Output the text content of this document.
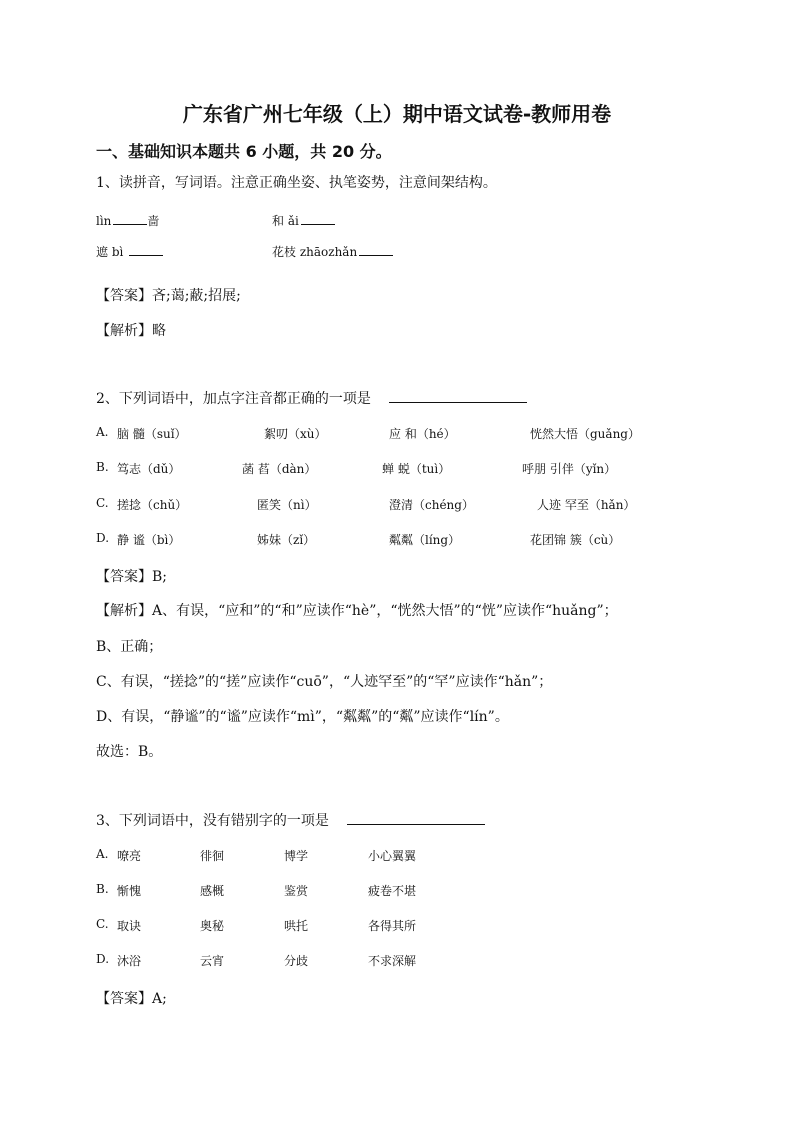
广东省广州七年级（上）期中语文试卷-教师用卷
一、基础知识本题共 6 小题，共 20 分。
1、读拼音，写词语。注意正确坐姿、执笔姿势，注意间架结构。
lìn	啬	和 ǎi
遮 bì	花枝 zhāozhǎn
【答案】吝;蔼;蔽;招展;
【解析】略
2、下列词语中，加点字注音都正确的一项是
A. 脑 髓（suǐ）	絮叨（xù）	应 和（hé）	恍然大悟（guǎng）
B. 笃志（dǔ）	菡 萏（dàn）	蝉 蜕（tuì）	呼朋 引伴（yǐn）
C. 搓捻（chǔ）	匿笑（nì）	澄清（chéng）	人迹 罕至（hǎn）
D. 静 谧（bì）	姊妹（zǐ）	粼粼（líng）	花团锦 簇（cù）
【答案】B;
【解析】A、有误，“应和”的“和”应读作“hè”，“恍然大悟”的“恍”应读作“huǎng”；
B、正确；
C、有误，“搓捻”的“搓”应读作“cuō”，“人迹罕至”的“罕”应读作“hǎn”；
D、有误，“静谧”的“谧”应读作“mì”，“粼粼”的“粼”应读作“lín”。
故选：B。
3、下列词语中，没有错别字的一项是
A. 嘹亮	徘徊	博学	小心翼翼
B. 惭愧	感概	鉴赏	疲卷不堪
C. 取诀	奥秘	哄托	各得其所
D. 沐浴	云宵	分歧	不求深解
【答案】A;
